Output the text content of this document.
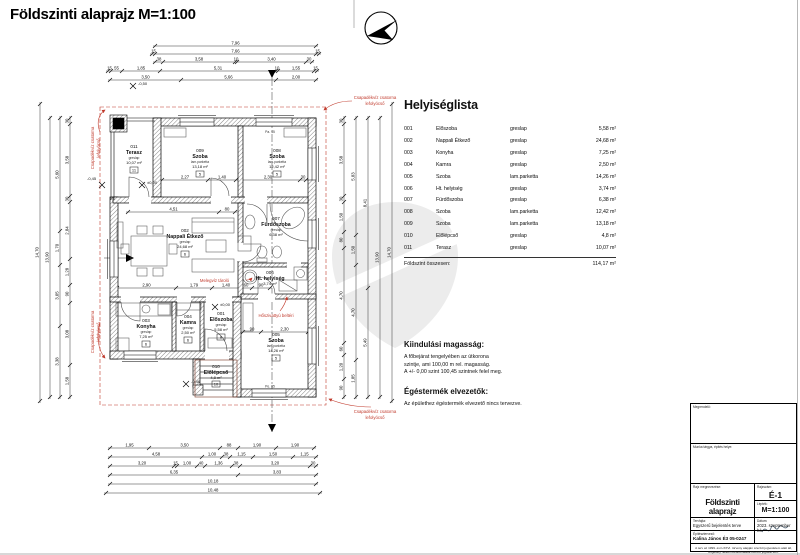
7,96
15	7,66	15
38	3,58	10	3,40	30
15 55	1,85	5,31	10	1,55	15
3,50	5,66	2,00
1,95	3,50	88	1,90	1,90
4,58	1,00 38 1,15	1,50	1,15
3,20	15 1,00 40	1,36	38	3,20	30
6,35	3,83
10,18
10,48
14,70 13,90
5,60
1,70
3,05
3,38
30
3,58
30
2,84
1,28
90
3,08
1,58
30
3,58
30
1,50
80
4,70
60
1,20
90
5,83
1,50
4,70
1,85
8,41
5,49
13,90 14,70
2,27	1,40	2,30	30
90	2,30
2,90	1,79	1,40	60 90
4,51	80
011
Terasz
greslap
10,07 m²
11
009
Szoba
lam.parketta
13,18 m²
5
008
Szoba
lam.parketta
12,42 m²
5
002
Nappali Étkező
greslap
24,68 m²
6
007
Fürdőszoba
greslap
6,38 m²
006
Ht. helyiség
3,74 m²
003
Konyha
greslap
7,25 m²
6
004
Kamra
greslap
2,50 m²
6
001
Előszoba
greslap
5,58 m²
8
005
Szoba
lam.parketta
14,26 m²
5
010
Előlépcső
4,8 m²
10
±0,00
-0,45
-0,50
-0,46
±0,00
Pa. 45
Pe. 85
Csapadékvíz csatorna
lefolyócső
Csapadékvíz csatorna
lefolyócső
Csapadékvíz csatorna lefolyócső
Csapadékvíz csatorna lefolyócső
Melegvíz tároló
Hőszivattyú beltéri
Földszinti alaprajz M=1:100
Helyiséglista
001	Előszoba	greslap	5,58 m²
002	Nappali Étkező	greslap	24,68 m²
003	Konyha	greslap	7,25 m²
004	Kamra	greslap	2,50 m²
005	Szoba	lam.parketta	14,26 m²
006	Ht. helyiség	greslap	3,74 m²
007	Fürdőszoba	greslap	6,38 m²
008	Szoba	lam.parketta	12,42 m²
009	Szoba	lam.parketta	13,18 m²
010	Előlépcső	greslap	4,8 m²
011	Terasz	greslap	10,07 m²
Földszint összesen:	114,17 m²
Kiindulási magasság:

A főbejárat tengelyében az útkorona

szintje, ami 100,00 m rel. magasság.

A +/- 0,00 szint 100,45 szintnek felel meg.

Égéstermék elvezetők:

Az épülethez égéstermék elvezető nincs tervezve.

Megrendelő:
Munka tárgya, építés helye:
Rajz megnevezése:
Földszinti alaprajz
Rajzszám:
É-1
Lépték:
M=1:100
Tervfajta:
Egyszerű bejelentés terve
Dátum:
2023. szeptember hó
Építésztervező:
Kalina János É3 05-0247
A terv az 1999. évi LXXVI. törvény alapján szerzői jogvédelem alatt áll,
engedély nélküli felhasználása szerzői jogokat sért.
